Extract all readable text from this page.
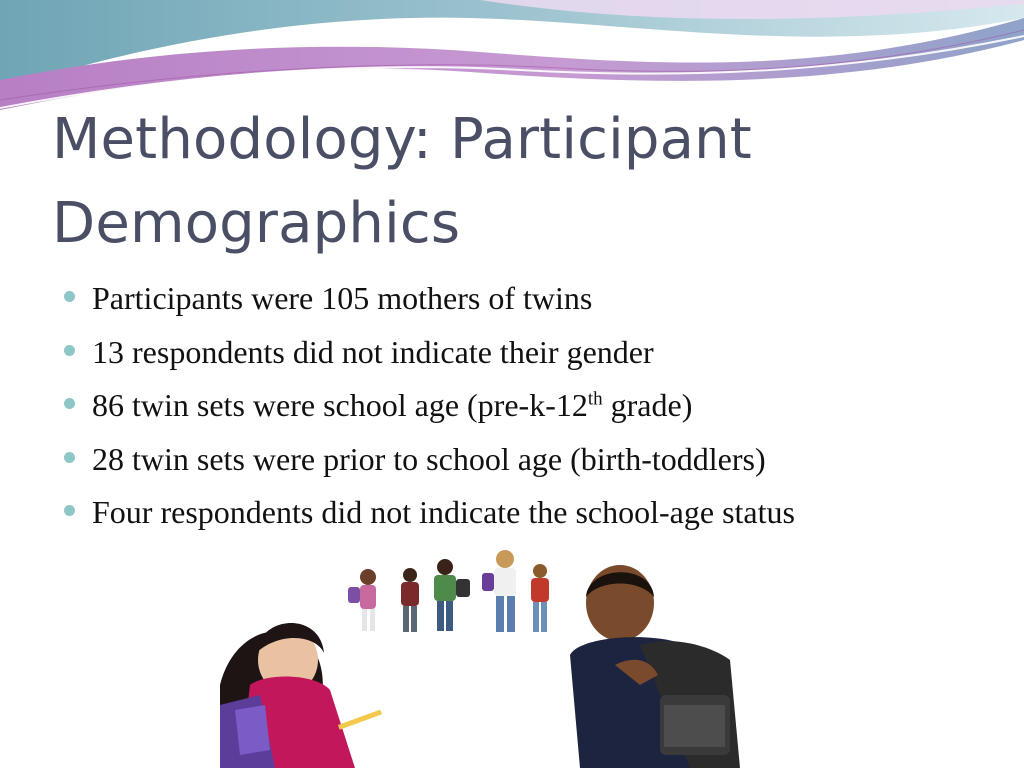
Methodology: Participant
Demographics
Participants were 105 mothers of twins
13 respondents did not indicate their gender
86 twin sets were school age (pre-k-12th grade)
28 twin sets were prior to school age (birth-toddlers)
Four respondents did not indicate the school-age status
